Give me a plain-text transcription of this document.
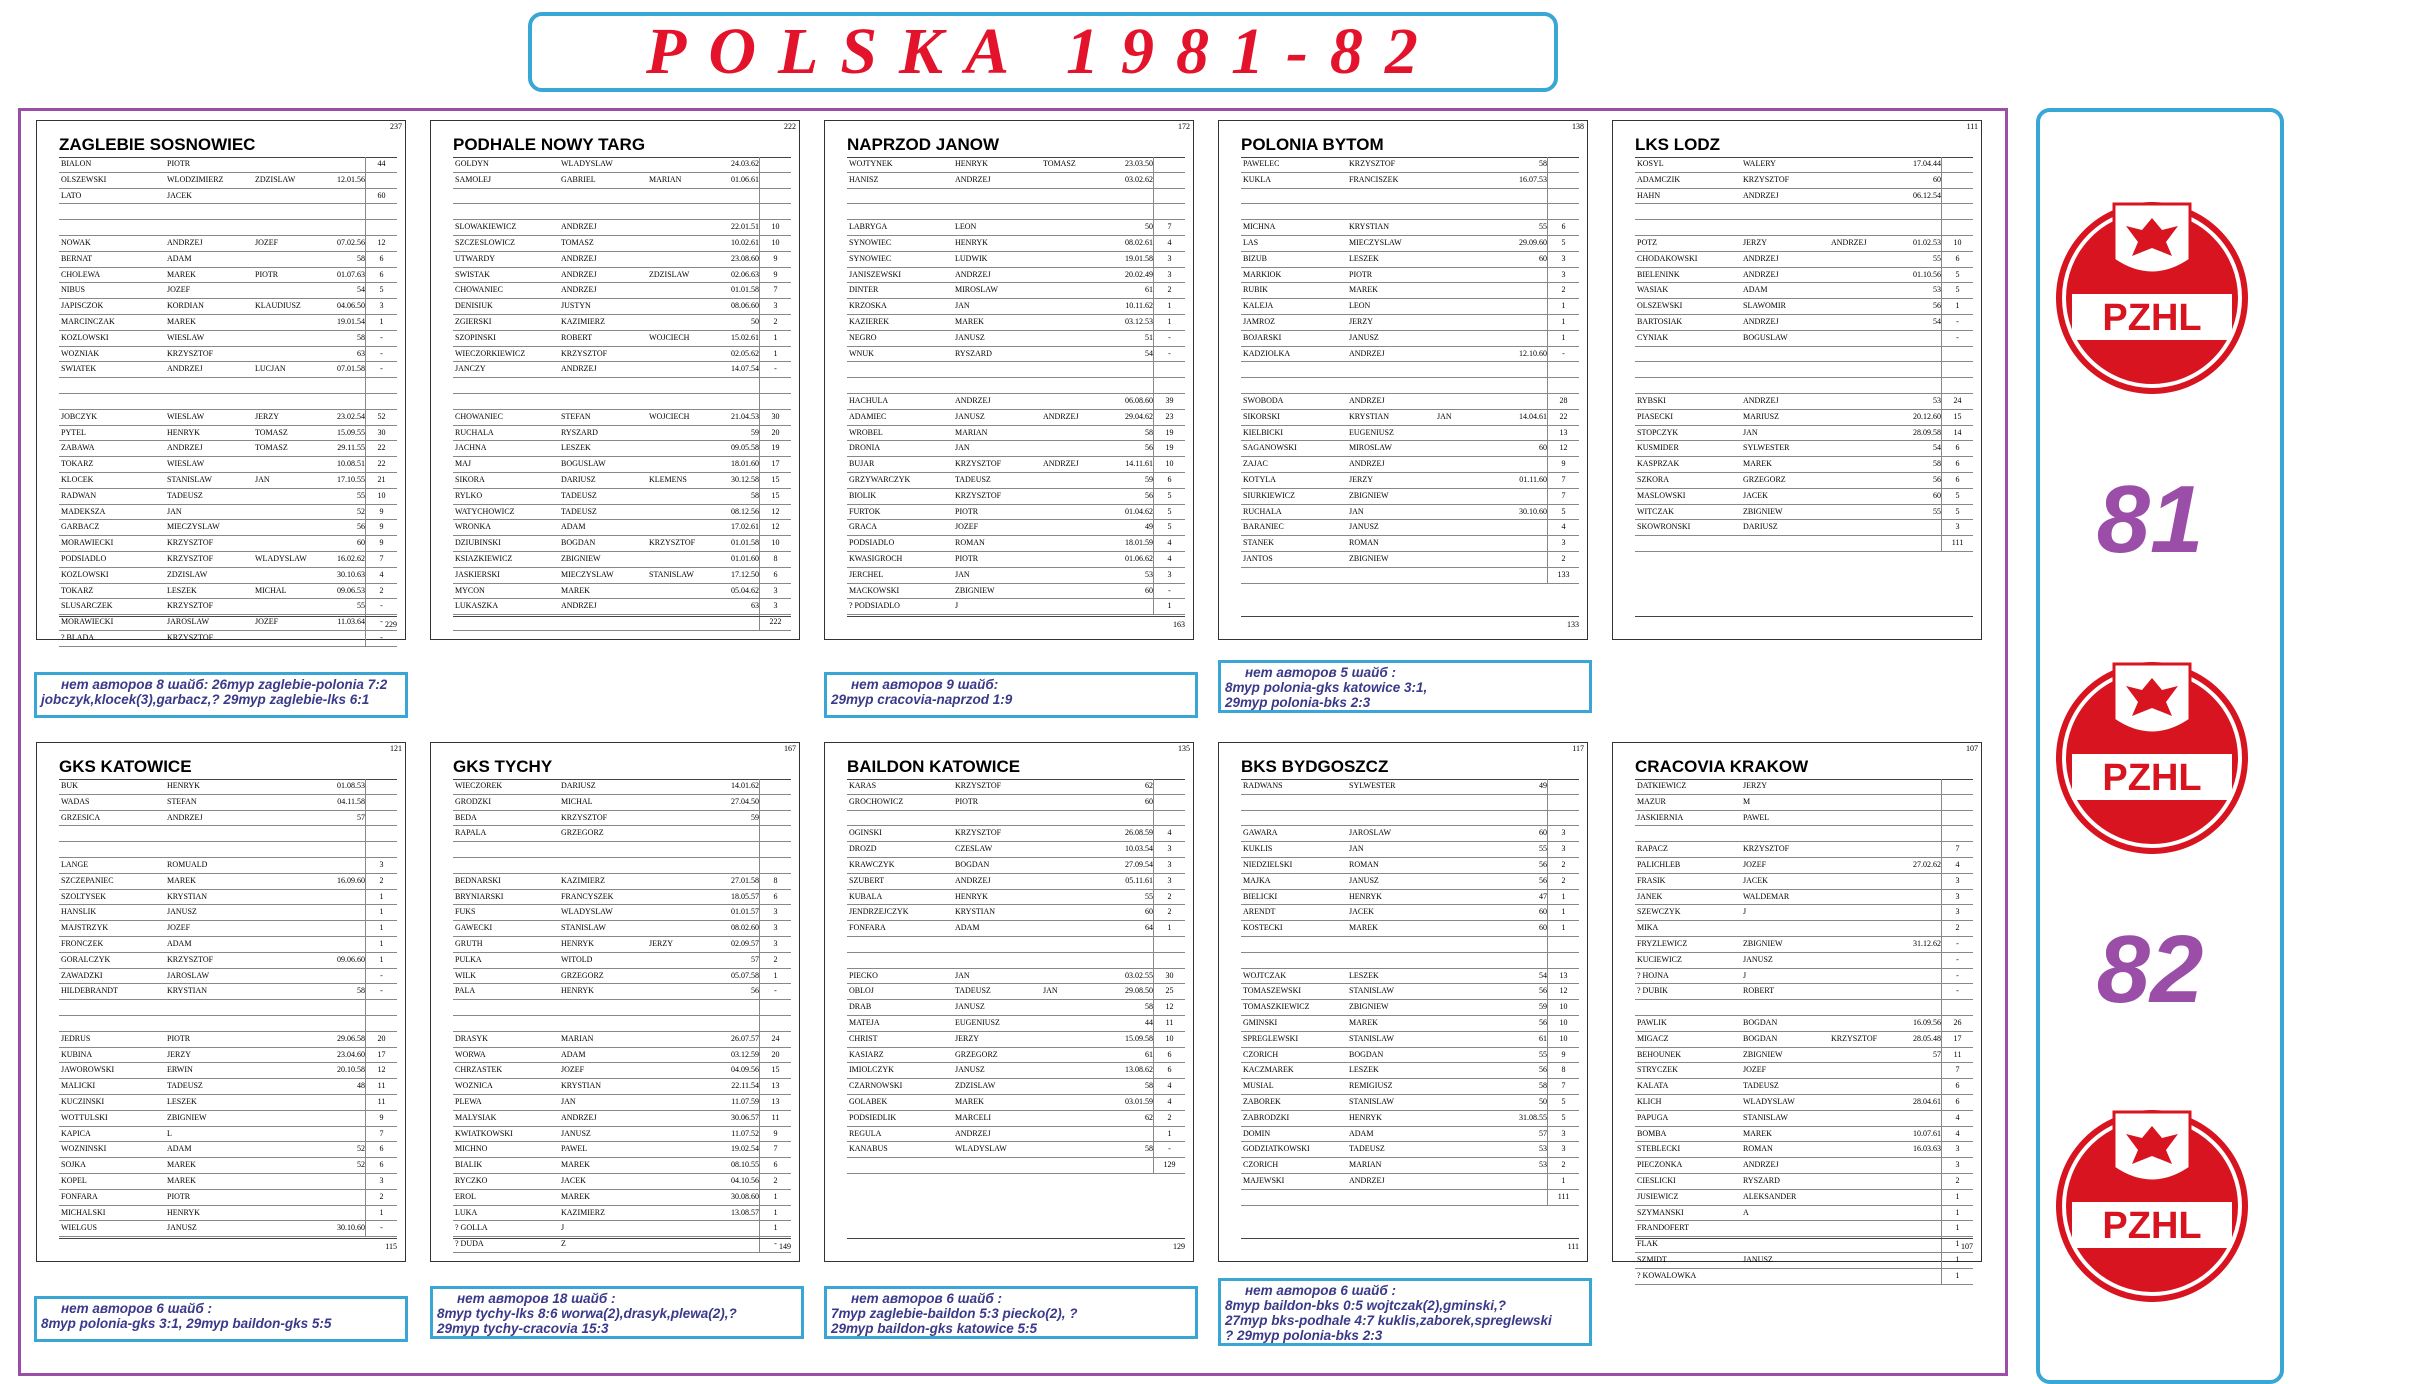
POLSKA 1981-82
PZHL
PZHL
PZHL
81
82
237
ZAGLEBIE SOSNOWIEC
BIALON	PIOTR	44
OLSZEWSKI	WLODZIMIERZ	ZDZISLAW	12.01.56
LATO	JACEK	60
NOWAK	ANDRZEJ	JOZEF	07.02.56	12
BERNAT	ADAM	58	6
CHOLEWA	MAREK	PIOTR	01.07.63	6
NIBUS	JOZEF	54	5
JAPISCZOK	KORDIAN	KLAUDIUSZ	04.06.50	3
MARCINCZAK	MAREK	19.01.54	1
KOZLOWSKI	WIESLAW	58	-
WOZNIAK	KRZYSZTOF	63	-
SWIATEK	ANDRZEJ	LUCJAN	07.01.58	-
JOBCZYK	WIESLAW	JERZY	23.02.54	52
PYTEL	HENRYK	TOMASZ	15.09.55	30
ZABAWA	ANDRZEJ	TOMASZ	29.11.55	22
TOKARZ	WIESLAW	10.08.51	22
KLOCEK	STANISLAW	JAN	17.10.55	21
RADWAN	TADEUSZ	55	10
MADEKSZA	JAN	52	9
GARBACZ	MIECZYSLAW	56	9
MORAWIECKI	KRZYSZTOF	60	9
PODSIADLO	KRZYSZTOF	WLADYSLAW	16.02.62	7
KOZLOWSKI	ZDZISLAW	30.10.63	4
TOKARZ	LESZEK	MICHAL	09.06.53	2
SLUSARCZEK	KRZYSZTOF	55	-
MORAWIECKI	JAROSLAW	JOZEF	11.03.64	-
? BLADA	KRZYSZTOF	-
229
222
PODHALE NOWY TARG
GOLDYN	WLADYSLAW	24.03.62
SAMOLEJ	GABRIEL	MARIAN	01.06.61
SLOWAKIEWICZ	ANDRZEJ	22.01.51	10
SZCZESLOWICZ	TOMASZ	10.02.61	10
UTWARDY	ANDRZEJ	23.08.60	9
SWISTAK	ANDRZEJ	ZDZISLAW	02.06.63	9
CHOWANIEC	ANDRZEJ	01.01.58	7
DENISIUK	JUSTYN	08.06.60	3
ZGIERSKI	KAZIMIERZ	50	2
SZOPINSKI	ROBERT	WOJCIECH	15.02.61	1
WIECZORKIEWICZ	KRZYSZTOF	02.05.62	1
JANCZY	ANDRZEJ	14.07.54	-
CHOWANIEC	STEFAN	WOJCIECH	21.04.53	30
RUCHALA	RYSZARD	59	20
JACHNA	LESZEK	09.05.58	19
MAJ	BOGUSLAW	18.01.60	17
SIKORA	DARIUSZ	KLEMENS	30.12.58	15
RYLKO	TADEUSZ	58	15
WATYCHOWICZ	TADEUSZ	08.12.56	12
WRONKA	ADAM	17.02.61	12
DZIUBINSKI	BOGDAN	KRZYSZTOF	01.01.58	10
KSIAZKIEWICZ	ZBIGNIEW	01.01.60	8
JASKIERSKI	MIECZYSLAW	STANISLAW	17.12.50	6
MYCON	MAREK	05.04.62	3
LUKASZKA	ANDRZEJ	63	3
222
172
NAPRZOD JANOW
WOJTYNEK	HENRYK	TOMASZ	23.03.50
HANISZ	ANDRZEJ	03.02.62
LABRYGA	LEON	50	7
SYNOWIEC	HENRYK	08.02.61	4
SYNOWIEC	LUDWIK	19.01.58	3
JANISZEWSKI	ANDRZEJ	20.02.49	3
DINTER	MIROSLAW	61	2
KRZOSKA	JAN	10.11.62	1
KAZIEREK	MAREK	03.12.53	1
NEGRO	JANUSZ	51	-
WNUK	RYSZARD	54	-
HACHULA	ANDRZEJ	06.08.60	39
ADAMIEC	JANUSZ	ANDRZEJ	29.04.62	23
WROBEL	MARIAN	58	19
DRONIA	JAN	56	19
BUJAR	KRZYSZTOF	ANDRZEJ	14.11.61	10
GRZYWARCZYK	TADEUSZ	59	6
BIOLIK	KRZYSZTOF	56	5
FURTOK	PIOTR	01.04.62	5
GRACA	JOZEF	49	5
PODSIADLO	ROMAN	18.01.59	4
KWASIGROCH	PIOTR	01.06.62	4
JERCHEL	JAN	53	3
MACKOWSKI	ZBIGNIEW	60	-
? PODSIADLO	J	1
163
138
POLONIA BYTOM
PAWELEC	KRZYSZTOF	58
KUKLA	FRANCISZEK	16.07.53
MICHNA	KRYSTIAN	55	6
LAS	MIECZYSLAW	29.09.60	5
BIZUB	LESZEK	60	3
MARKIOK	PIOTR	3
RUBIK	MAREK	2
KALEJA	LEON	1
JAMROZ	JERZY	1
BOJARSKI	JANUSZ	1
KADZIOLKA	ANDRZEJ	12.10.60	-
SWOBODA	ANDRZEJ	28
SIKORSKI	KRYSTIAN	JAN	14.04.61	22
KIELBICKI	EUGENIUSZ	13
SAGANOWSKI	MIROSLAW	60	12
ZAJAC	ANDRZEJ	9
KOTYLA	JERZY	01.11.60	7
SIURKIEWICZ	ZBIGNIEW	7
RUCHALA	JAN	30.10.60	5
BARANIEC	JANUSZ	4
STANEK	ROMAN	3
JANTOS	ZBIGNIEW	2
133
133
111
LKS LODZ
KOSYL	WALERY	17.04.44
ADAMCZIK	KRZYSZTOF	60
HAHN	ANDRZEJ	06.12.54
POTZ	JERZY	ANDRZEJ	01.02.53	10
CHODAKOWSKI	ANDRZEJ	55	6
BIELENINK	ANDRZEJ	01.10.56	5
WASIAK	ADAM	53	5
OLSZEWSKI	SLAWOMIR	56	1
BARTOSIAK	ANDRZEJ	54	-
CYNIAK	BOGUSLAW	-
RYBSKI	ANDRZEJ	53	24
PIASECKI	MARIUSZ	20.12.60	15
STOPCZYK	JAN	28.09.58	14
KUSMIDER	SYLWESTER	54	6
KASPRZAK	MAREK	58	6
SZKORA	GRZEGORZ	56	6
MASLOWSKI	JACEK	60	5
WITCZAK	ZBIGNIEW	55	5
SKOWRONSKI	DARIUSZ	3
111
121
GKS KATOWICE
BUK	HENRYK	01.08.53
WADAS	STEFAN	04.11.58
GRZESICA	ANDRZEJ	57
LANGE	ROMUALD	3
SZCZEPANIEC	MAREK	16.09.60	2
SZOLTYSEK	KRYSTIAN	1
HANSLIK	JANUSZ	1
MAJSTRZYK	JOZEF	1
FRONCZEK	ADAM	1
GORALCZYK	KRZYSZTOF	09.06.60	1
ZAWADZKI	JAROSLAW	-
HILDEBRANDT	KRYSTIAN	58	-
JEDRUS	PIOTR	29.06.58	20
KUBINA	JERZY	23.04.60	17
JAWOROWSKI	ERWIN	20.10.58	12
MALICKI	TADEUSZ	48	11
KUCZINSKI	LESZEK	11
WOTTULSKI	ZBIGNIEW	9
KAPICA	L	7
WOZNINSKI	ADAM	52	6
SOJKA	MAREK	52	6
KOPEL	MAREK	3
FONFARA	PIOTR	2
MICHALSKI	HENRYK	1
WIELGUS	JANUSZ	30.10.60	-
115
167
GKS TYCHY
WIECZOREK	DARIUSZ	14.01.62
GRODZKI	MICHAL	27.04.50
BEDA	KRZYSZTOF	59
RAPALA	GRZEGORZ
BEDNARSKI	KAZIMIERZ	27.01.58	8
BRYNIARSKI	FRANCYSZEK	18.05.57	6
FUKS	WLADYSLAW	01.01.57	3
GAWECKI	STANISLAW	08.02.60	3
GRUTH	HENRYK	JERZY	02.09.57	3
PULKA	WITOLD	57	2
WILK	GRZEGORZ	05.07.58	1
PALA	HENRYK	56	-
DRASYK	MARIAN	26.07.57	24
WORWA	ADAM	03.12.59	20
CHRZASTEK	JOZEF	04.09.56	15
WOZNICA	KRYSTIAN	22.11.54	13
PLEWA	JAN	11.07.59	13
MALYSIAK	ANDRZEJ	30.06.57	11
KWIATKOWSKI	JANUSZ	11.07.52	9
MICHNO	PAWEL	19.02.54	7
BIALIK	MAREK	08.10.55	6
RYCZKO	JACEK	04.10.56	2
EROL	MAREK	30.08.60	1
LUKA	KAZIMIERZ	13.08.57	1
? GOLLA	J	1
? DUDA	Z	- 149
135
BAILDON KATOWICE
KARAS	KRZYSZTOF	62
GROCHOWICZ	PIOTR	60
OGINSKI	KRZYSZTOF	26.08.59	4
DROZD	CZESLAW	10.03.54	3
KRAWCZYK	BOGDAN	27.09.54	3
SZUBERT	ANDRZEJ	05.11.61	3
KUBALA	HENRYK	55	2
JENDRZEJCZYK	KRYSTIAN	60	2
FONFARA	ADAM	64	1
PIECKO	JAN	03.02.55	30
OBLOJ	TADEUSZ	JAN	29.08.50	25
DRAB	JANUSZ	58	12
MATEJA	EUGENIUSZ	44	11
CHRIST	JERZY	15.09.58	10
KASIARZ	GRZEGORZ	61	6
IMIOLCZYK	JANUSZ	13.08.62	6
CZARNOWSKI	ZDZISLAW	58	4
GOLABEK	MAREK	03.01.59	4
PODSIEDLIK	MARCELI	62	2
REGULA	ANDRZEJ	1
KANABUS	WLADYSLAW	58	-
129
129
117
BKS BYDGOSZCZ
RADWANS	SYLWESTER	49
GAWARA	JAROSLAW	60	3
KUKLIS	JAN	55	3
NIEDZIELSKI	ROMAN	56	2
MAJKA	JANUSZ	56	2
BIELICKI	HENRYK	47	1
ARENDT	JACEK	60	1
KOSTECKI	MAREK	60	1
WOJTCZAK	LESZEK	54	13
TOMASZEWSKI	STANISLAW	56	12
TOMASZKIEWICZ	ZBIGNIEW	59	10
GMINSKI	MAREK	56	10
SPREGLEWSKI	STANISLAW	61	10
CZORICH	BOGDAN	55	9
KACZMAREK	LESZEK	56	8
MUSIAL	REMIGIUSZ	58	7
ZABOREK	STANISLAW	50	5
ZABRODZKI	HENRYK	31.08.55	5
DOMIN	ADAM	57	3
GODZIATKOWSKI	TADEUSZ	53	3
CZORICH	MARIAN	53	2
MAJEWSKI	ANDRZEJ	1
111
111
107
CRACOVIA KRAKOW
DATKIEWICZ	JERZY
MAZUR	M
JASKIERNIA	PAWEL
RAPACZ	KRZYSZTOF	7
PALICHLEB	JOZEF	27.02.62	4
FRASIK	JACEK	3
JANEK	WALDEMAR	3
SZEWCZYK	J	3
MIKA	2
FRYZLEWICZ	ZBIGNIEW	31.12.62	-
KUCIEWICZ	JANUSZ	-
? HOJNA	J	-
? DUBIK	ROBERT	-
PAWLIK	BOGDAN	16.09.56	26
MIGACZ	BOGDAN	KRZYSZTOF	28.05.48	17
BEHOUNEK	ZBIGNIEW	57	11
STRYCZEK	JOZEF	7
KALATA	TADEUSZ	6
KLICH	WLADYSLAW	28.04.61	6
PAPUGA	STANISLAW	4
BOMBA	MAREK	10.07.61	4
STEBLECKI	ROMAN	16.03.63	3
PIECZONKA	ANDRZEJ	3
CIESLICKI	RYSZARD	2
JUSIEWICZ	ALEKSANDER	1
SZYMANSKI	A	1
FRANDOFERT	1
FLAK	1
SZMIDT	JANUSZ	1
? KOWALOWKA	1
107
нет авторов 8 шайб: 26тур zaglebie-polonia 7:2
jobczyk,klocek(3),garbacz,? 29тур zaglebie-lks 6:1
нет авторов 9 шайб:
29тур cracovia-naprzod 1:9
нет авторов 5 шайб :
8тур polonia-gks katowice 3:1,
29тур polonia-bks 2:3
нет авторов 6 шайб :
8тур polonia-gks 3:1, 29тур baildon-gks 5:5
нет авторов 18 шайб :
8тур tychy-lks 8:6 worwa(2),drasyk,plewa(2),?
29тур tychy-cracovia 15:3
нет авторов 6 шайб :
7тур zaglebie-baildon 5:3 piecko(2), ?
29тур baildon-gks katowice 5:5
нет авторов 6 шайб :
8тур baildon-bks 0:5 wojtczak(2),gminski,?
27тур bks-podhale 4:7 kuklis,zaborek,spreglewski
? 29тур polonia-bks 2:3
